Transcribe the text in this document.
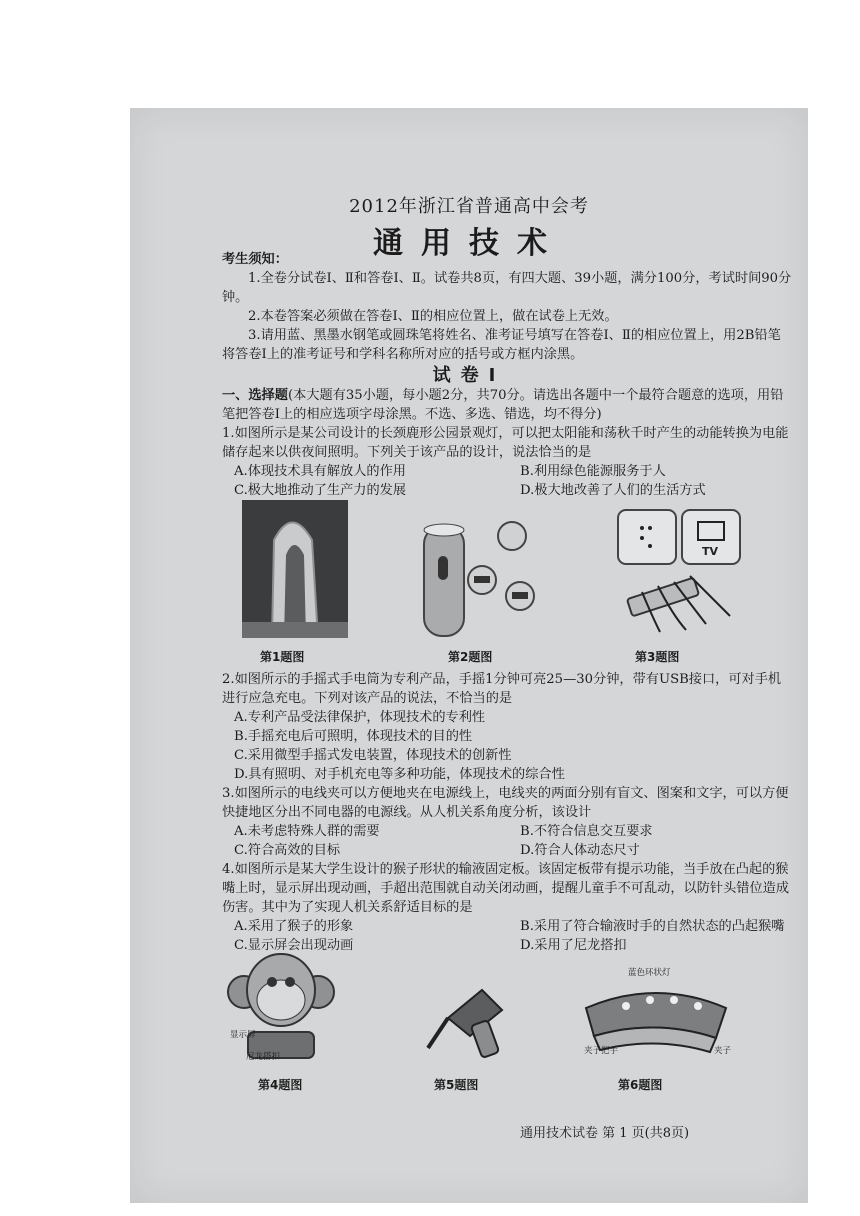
2012年浙江省普通高中会考
通用技术
考生须知：
1.全卷分试卷Ⅰ、Ⅱ和答卷Ⅰ、Ⅱ。试卷共8页，有四大题、39小题，满分100分，考试时间90分钟。
2.本卷答案必须做在答卷Ⅰ、Ⅱ的相应位置上，做在试卷上无效。
3.请用蓝、黑墨水钢笔或圆珠笔将姓名、准考证号填写在答卷Ⅰ、Ⅱ的相应位置上，用2B铅笔将答卷Ⅰ上的准考证号和学科名称所对应的括号或方框内涂黑。
试卷Ⅰ
一、选择题(本大题有35小题，每小题2分，共70分。请选出各题中一个最符合题意的选项，用铅笔把答卷Ⅰ上的相应选项字母涂黑。不选、多选、错选，均不得分)
1.如图所示是某公司设计的长颈鹿形公园景观灯，可以把太阳能和荡秋千时产生的动能转换为电能储存起来以供夜间照明。下列关于该产品的设计，说法恰当的是
A.体现技术具有解放人的作用	B.利用绿色能源服务于人
C.极大地推动了生产力的发展	D.极大地改善了人们的生活方式
第1题图	第2题图
TV
第3题图
2.如图所示的手摇式手电筒为专利产品，手摇1分钟可亮25—30分钟，带有USB接口，可对手机进行应急充电。下列对该产品的说法，不恰当的是
A.专利产品受法律保护，体现技术的专利性
B.手摇充电后可照明，体现技术的目的性
C.采用微型手摇式发电装置，体现技术的创新性
D.具有照明、对手机充电等多种功能，体现技术的综合性
3.如图所示的电线夹可以方便地夹在电源线上，电线夹的两面分别有盲文、图案和文字，可以方便快捷地区分出不同电器的电源线。从人机关系角度分析，该设计
A.未考虑特殊人群的需要	B.不符合信息交互要求
C.符合高效的目标	D.符合人体动态尺寸
4.如图所示是某大学生设计的猴子形状的输液固定板。该固定板带有提示功能，当手放在凸起的猴嘴上时，显示屏出现动画，手超出范围就自动关闭动画，提醒儿童手不可乱动，以防针头错位造成伤害。其中为了实现人机关系舒适目标的是
A.采用了猴子的形象	B.采用了符合输液时手的自然状态的凸起猴嘴
C.显示屏会出现动画	D.采用了尼龙搭扣
显示屏
尼龙搭扣
第4题图	第5题图
蓝色环状灯
夹子把手	夹子
第6题图
通用技术试卷 第 1 页(共8页)
